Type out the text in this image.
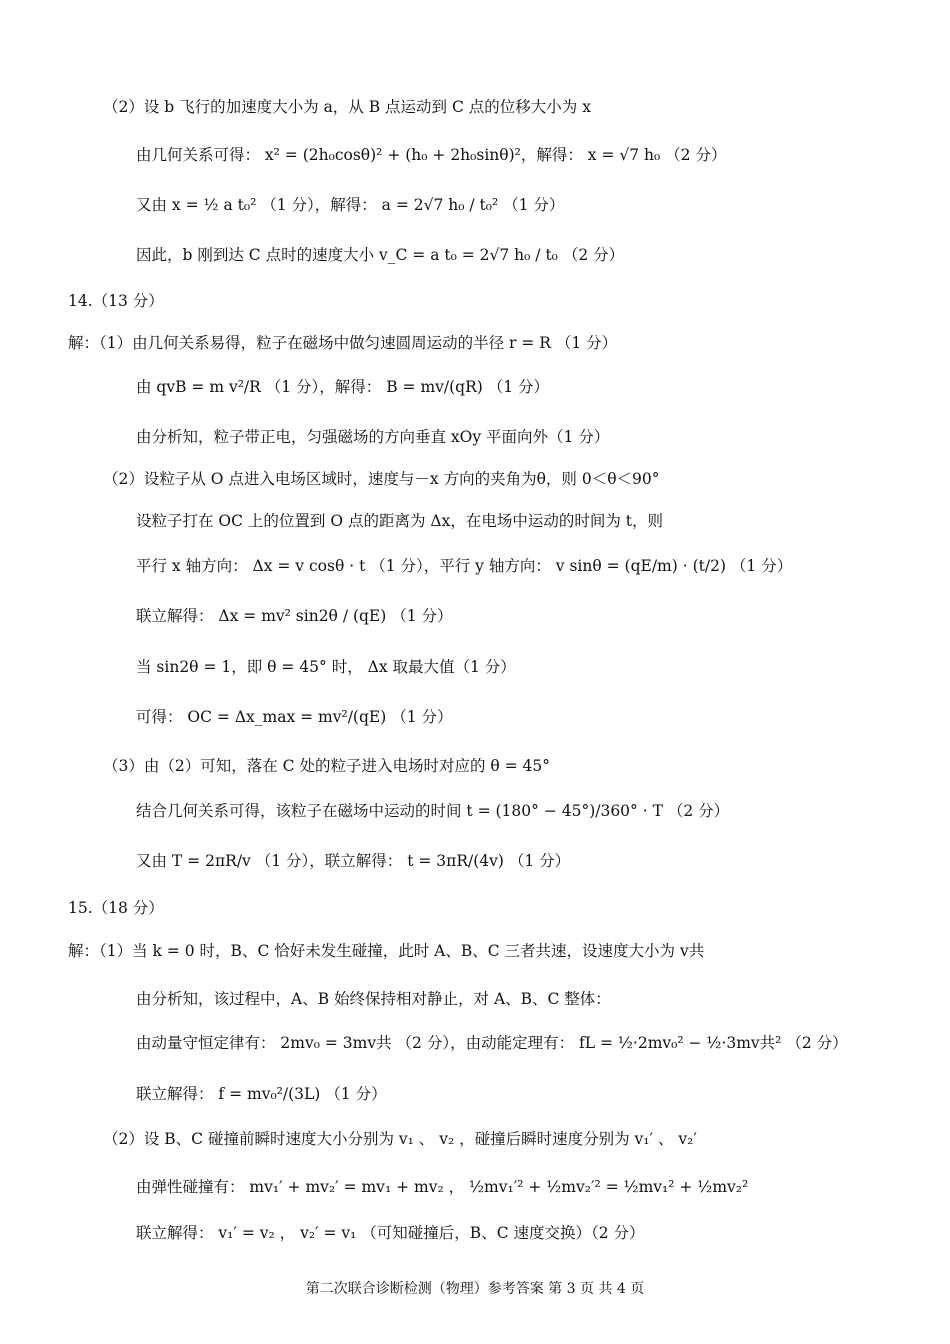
（2）设 b 飞行的加速度大小为 a，从 B 点运动到 C 点的位移大小为 x
由几何关系可得： x² = (2h₀cosθ)² + (h₀ + 2h₀sinθ)²，解得： x = √7 h₀ （2 分）
又由 x = ½ a t₀² （1 分），解得： a = 2√7 h₀ / t₀² （1 分）
因此，b 刚到达 C 点时的速度大小 v_C = a t₀ = 2√7 h₀ / t₀ （2 分）
14.（13 分）
解：（1）由几何关系易得，粒子在磁场中做匀速圆周运动的半径 r = R （1 分）
由 qvB = m v²/R （1 分），解得： B = mv/(qR) （1 分）
由分析知，粒子带正电，匀强磁场的方向垂直 xOy 平面向外（1 分）
（2）设粒子从 O 点进入电场区域时，速度与－x 方向的夹角为θ，则 0＜θ＜90°
设粒子打在 OC 上的位置到 O 点的距离为 Δx，在电场中运动的时间为 t，则
平行 x 轴方向： Δx = v cosθ · t （1 分），平行 y 轴方向： v sinθ = (qE/m) · (t/2) （1 分）
联立解得： Δx = mv² sin2θ / (qE) （1 分）
当 sin2θ = 1，即 θ = 45° 时， Δx 取最大值（1 分）
可得： OC = Δx_max = mv²/(qE) （1 分）
（3）由（2）可知，落在 C 处的粒子进入电场时对应的 θ = 45°
结合几何关系可得，该粒子在磁场中运动的时间 t = (180° − 45°)/360° · T （2 分）
又由 T = 2πR/v （1 分），联立解得： t = 3πR/(4v) （1 分）
15.（18 分）
解：（1）当 k = 0 时，B、C 恰好未发生碰撞，此时 A、B、C 三者共速，设速度大小为 v共
由分析知，该过程中，A、B 始终保持相对静止，对 A、B、C 整体：
由动量守恒定律有： 2mv₀ = 3mv共 （2 分），由动能定理有： fL = ½·2mv₀² − ½·3mv共² （2 分）
联立解得： f = mv₀²/(3L) （1 分）
（2）设 B、C 碰撞前瞬时速度大小分别为 v₁ 、 v₂ ，碰撞后瞬时速度分别为 v₁′ 、 v₂′
由弹性碰撞有： mv₁′ + mv₂′ = mv₁ + mv₂ ， ½mv₁′² + ½mv₂′² = ½mv₁² + ½mv₂²
联立解得： v₁′ = v₂ ， v₂′ = v₁ （可知碰撞后，B、C 速度交换）（2 分）
第二次联合诊断检测（物理）参考答案 第 3 页 共 4 页
